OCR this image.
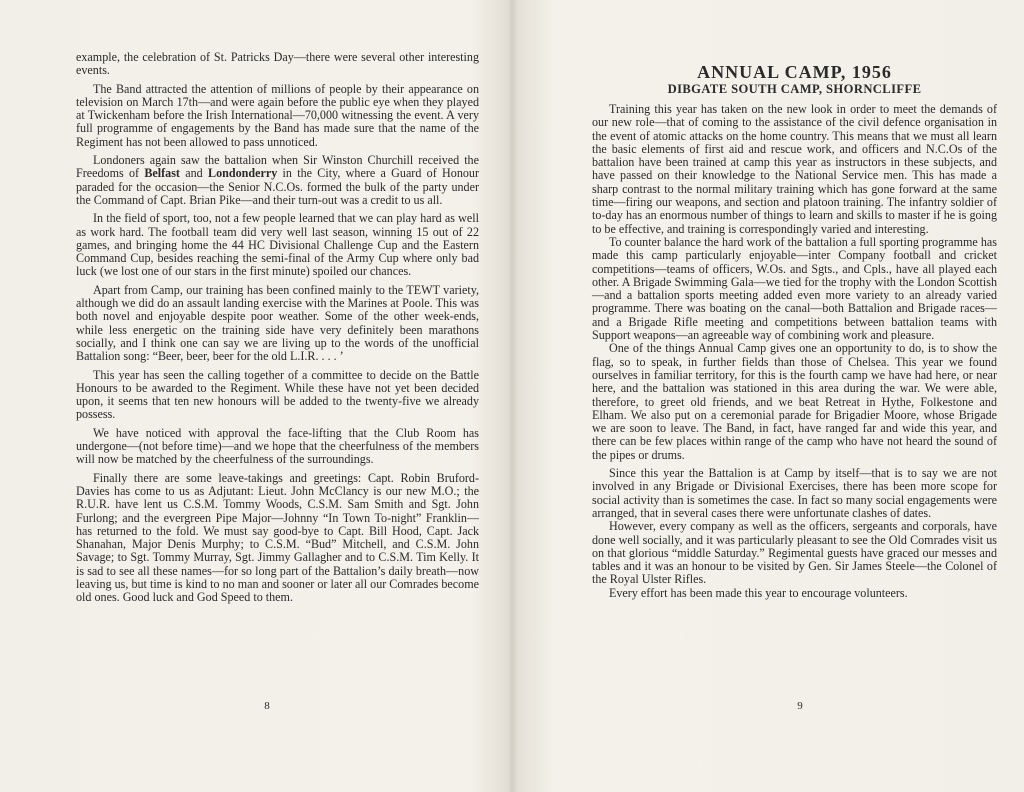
example, the celebration of St. Patricks Day—there were several other interesting events.

The Band attracted the attention of millions of people by their appearance on television on March 17th—and were again before the public eye when they played at Twickenham before the Irish International—70,000 witnessing the event. A very full programme of engagements by the Band has made sure that the name of the Regiment has not been allowed to pass unnoticed.

Londoners again saw the battalion when Sir Winston Churchill received the Freedoms of Belfast and Londonderry in the City, where a Guard of Honour paraded for the occasion—the Senior N.C.Os. formed the bulk of the party under the Command of Capt. Brian Pike—and their turn-out was a credit to us all.

In the field of sport, too, not a few people learned that we can play hard as well as work hard. The football team did very well last season, winning 15 out of 22 games, and bringing home the 44 HC Divisional Challenge Cup and the Eastern Command Cup, besides reaching the semi-final of the Army Cup where only bad luck (we lost one of our stars in the first minute) spoiled our chances.

Apart from Camp, our training has been confined mainly to the TEWT variety, although we did do an assault landing exercise with the Marines at Poole. This was both novel and enjoyable despite poor weather. Some of the other week-ends, while less energetic on the training side have very definitely been marathons socially, and I think one can say we are living up to the words of the unofficial Battalion song: “Beer, beer, beer for the old L.I.R. . . . ’

This year has seen the calling together of a committee to decide on the Battle Honours to be awarded to the Regiment. While these have not yet been decided upon, it seems that ten new honours will be added to the twenty-five we already possess.

We have noticed with approval the face-lifting that the Club Room has undergone—(not before time)—and we hope that the cheerfulness of the members will now be matched by the cheerfulness of the surroundings.

Finally there are some leave-takings and greetings: Capt. Robin Bruford-Davies has come to us as Adjutant: Lieut. John McClancy is our new M.O.; the R.U.R. have lent us C.S.M. Tommy Woods, C.S.M. Sam Smith and Sgt. John Furlong; and the evergreen Pipe Major—Johnny “In Town To-night” Franklin—has returned to the fold. We must say good-bye to Capt. Bill Hood, Capt. Jack Shanahan, Major Denis Murphy; to C.S.M. “Bud” Mitchell, and C.S.M. John Savage; to Sgt. Tommy Murray, Sgt. Jimmy Gallagher and to C.S.M. Tim Kelly. It is sad to see all these names—for so long part of the Battalion’s daily breath—now leaving us, but time is kind to no man and sooner or later all our Comrades become old ones. Good luck and God Speed to them.

8
ANNUAL CAMP, 1956
DIBGATE SOUTH CAMP, SHORNCLIFFE

Training this year has taken on the new look in order to meet the demands of our new role—that of coming to the assistance of the civil defence organisation in the event of atomic attacks on the home country. This means that we must all learn the basic elements of first aid and rescue work, and officers and N.C.Os of the battalion have been trained at camp this year as instructors in these subjects, and have passed on their knowledge to the National Service men. This has made a sharp contrast to the normal military training which has gone forward at the same time—firing our weapons, and section and platoon training. The infantry soldier of to-day has an enormous number of things to learn and skills to master if he is going to be effective, and training is correspondingly varied and interesting.

To counter balance the hard work of the battalion a full sporting programme has made this camp particularly enjoyable—inter Company football and cricket competitions—teams of officers, W.Os. and Sgts., and Cpls., have all played each other. A Brigade Swimming Gala—we tied for the trophy with the London Scottish—and a battalion sports meeting added even more variety to an already varied programme. There was boating on the canal—both Battalion and Brigade races—and a Brigade Rifle meeting and competitions between battalion teams with Support weapons—an agreeable way of combining work and pleasure.

One of the things Annual Camp gives one an opportunity to do, is to show the flag, so to speak, in further fields than those of Chelsea. This year we found ourselves in familiar territory, for this is the fourth camp we have had here, or near here, and the battalion was stationed in this area during the war. We were able, therefore, to greet old friends, and we beat Retreat in Hythe, Folkestone and Elham. We also put on a ceremonial parade for Brigadier Moore, whose Brigade we are soon to leave. The Band, in fact, have ranged far and wide this year, and there can be few places within range of the camp who have not heard the sound of the pipes or drums.

Since this year the Battalion is at Camp by itself—that is to say we are not involved in any Brigade or Divisional Exercises, there has been more scope for social activity than is sometimes the case. In fact so many social engagements were arranged, that in several cases there were unfortunate clashes of dates.

However, every company as well as the officers, sergeants and corporals, have done well socially, and it was particularly pleasant to see the Old Comrades visit us on that glorious “middle Saturday.” Regimental guests have graced our messes and tables and it was an honour to be visited by Gen. Sir James Steele—the Colonel of the Royal Ulster Rifles.

Every effort has been made this year to encourage volunteers.

9
